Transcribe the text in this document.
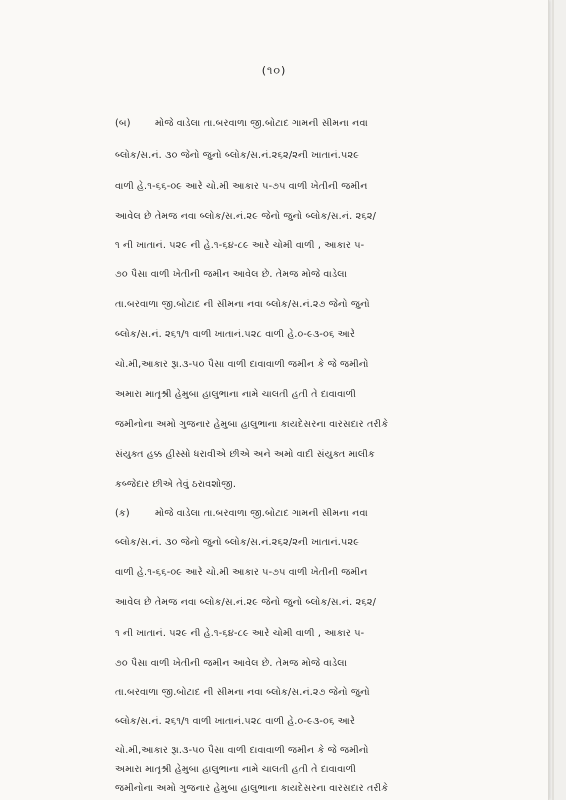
(૧૦)
(બ)	મોજે વાડેલા તા.બરવાળા જી.બોટાદ ગામની સીમના નવા
બ્લોક/સ.નં. ૩૦ જેનો જુનો બ્લોક/સ.નં.૨૬૨/૨ની ખાતાનં.૫૨૯
વાળી હે.૧-૬૬-૦૯ આરે ચો.મી આકાર ૫-૭૫ વાળી ખેતીની જમીન
આવેલ છે તેમજ નવા બ્લોક/સ.નં.૨૯ જેનો જુનો બ્લોક/સ.નં. ૨૬૨/
૧ ની ખાતાનં. ૫૨૯ ની હે.૧-૬૪-૮૯ આરે ચોમી વાળી , આકાર ૫-
૭૦ પૈસા વાળી ખેતીની જમીન આવેલ છે. તેમજ મોજે વાડેલા
તા.બરવાળા જી.બોટાદ ની સીમના નવા બ્લોક/સ.નં.૨૭ જેનો જુનો
બ્લોક/સ.નં. ૨૬૧/૧ વાળી ખાતાનં.૫૨૮ વાળી હે.૦-૯૩-૦૬ આરે
ચો.મી,આકાર રૂા.૩-૫૦ પૈસા વાળી દાવાવાળી જમીન કે જે જમીનો
અમારા માતૃશ્રી હેમુબા હાલુભાના નામે ચાલતી હતી તે દાવાવાળી
જમીનોના અમો ગુજનાર હેમુબા હાલુભાના કાયદેસરના વારસદાર તરીકે
સંયુક્ત હક્ક હીસ્સો ધરાવીએ છીએ અને અમો વાદી સંયુક્ત માલીક
કબ્જેદાર છીએ તેવું ઠરાવશોજી.
(ક)	મોજે વાડેલા તા.બરવાળા જી.બોટાદ ગામની સીમના નવા
બ્લોક/સ.નં. ૩૦ જેનો જુનો બ્લોક/સ.નં.૨૬૨/૨ની ખાતાનં.૫૨૯
વાળી હે.૧-૬૬-૦૯ આરે ચો.મી આકાર ૫-૭૫ વાળી ખેતીની જમીન
આવેલ છે તેમજ નવા બ્લોક/સ.નં.૨૯ જેનો જુનો બ્લોક/સ.નં. ૨૬૨/
૧ ની ખાતાનં. ૫૨૯ ની હે.૧-૬૪-૮૯ આરે ચોમી વાળી , આકાર ૫-
૭૦ પૈસા વાળી ખેતીની જમીન આવેલ છે. તેમજ મોજે વાડેલા
તા.બરવાળા જી.બોટાદ ની સીમના નવા બ્લોક/સ.નં.૨૭ જેનો જુનો
બ્લોક/સ.નં. ૨૬૧/૧ વાળી ખાતાનં.૫૨૮ વાળી હે.૦-૯૩-૦૬ આરે
ચો.મી,આકાર રૂા.૩-૫૦ પૈસા વાળી દાવાવાળી જમીન કે જે જમીનો
અમારા માતૃશ્રી હેમુબા હાલુભાના નામે ચાલતી હતી તે દાવાવાળી
જમીનોના અમો ગુજનાર હેમુબા હાલુભાના કાયદેસરના વારસદાર તરીકે
